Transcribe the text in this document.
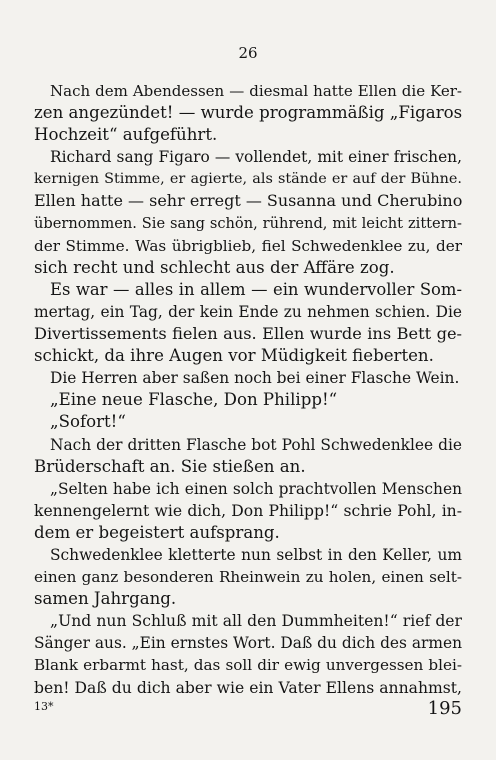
26
Nach dem Abendessen — diesmal hatte Ellen die Ker-
zen angezündet! — wurde programmäßig „Figaros
Hochzeit“ aufgeführt.
Richard sang Figaro — vollendet, mit einer frischen,
kernigen Stimme, er agierte, als stände er auf der Bühne.
Ellen hatte — sehr erregt — Susanna und Cherubino
übernommen. Sie sang schön, rührend, mit leicht zittern-
der Stimme. Was übrigblieb, fiel Schwedenklee zu, der
sich recht und schlecht aus der Affäre zog.
Es war — alles in allem — ein wundervoller Som-
mertag, ein Tag, der kein Ende zu nehmen schien. Die
Divertissements fielen aus. Ellen wurde ins Bett ge-
schickt, da ihre Augen vor Müdigkeit fieberten.
Die Herren aber saßen noch bei einer Flasche Wein.
„Eine neue Flasche, Don Philipp!“
„Sofort!“
Nach der dritten Flasche bot Pohl Schwedenklee die
Brüderschaft an. Sie stießen an.
„Selten habe ich einen solch prachtvollen Menschen
kennengelernt wie dich, Don Philipp!“ schrie Pohl, in-
dem er begeistert aufsprang.
Schwedenklee kletterte nun selbst in den Keller, um
einen ganz besonderen Rheinwein zu holen, einen selt-
samen Jahrgang.
„Und nun Schluß mit all den Dummheiten!“ rief der
Sänger aus. „Ein ernstes Wort. Daß du dich des armen
Blank erbarmt hast, das soll dir ewig unvergessen blei-
ben! Daß du dich aber wie ein Vater Ellens annahmst,
13*	195
